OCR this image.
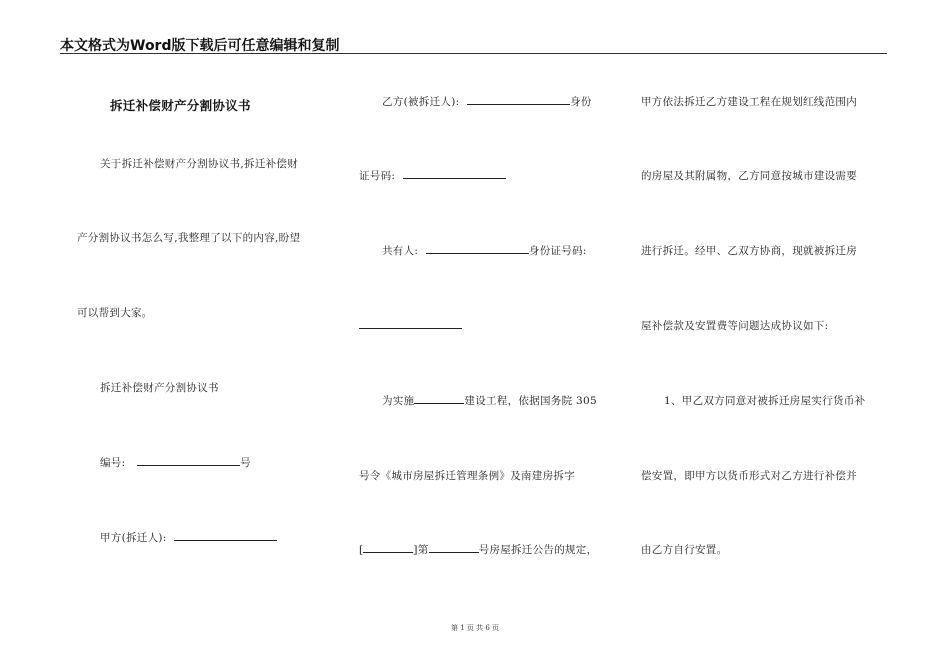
本文格式为Word版下载后可任意编辑和复制
拆迁补偿财产分割协议书
关于拆迁补偿财产分割协议书,拆迁补偿财
产分割协议书怎么写,我整理了以下的内容,盼望
可以帮到大家。
拆迁补偿财产分割协议书
编号:	号
甲方(拆迁人):
乙方(被拆迁人):	身份
证号码:
共有人:	身份证号码:
为实施	建设工程，依据国务院 305
号令《城市房屋拆迁管理条例》及南建房拆字
[	]第	号房屋拆迁公告的规定，
甲方依法拆迁乙方建设工程在规划红线范围内
的房屋及其附属物，乙方同意按城市建设需要
进行拆迁。经甲、乙双方协商，现就被拆迁房
屋补偿款及安置费等问题达成协议如下:
1、甲乙双方同意对被拆迁房屋实行货币补
偿安置，即甲方以货币形式对乙方进行补偿并
由乙方自行安置。
第 1 页 共 6 页
